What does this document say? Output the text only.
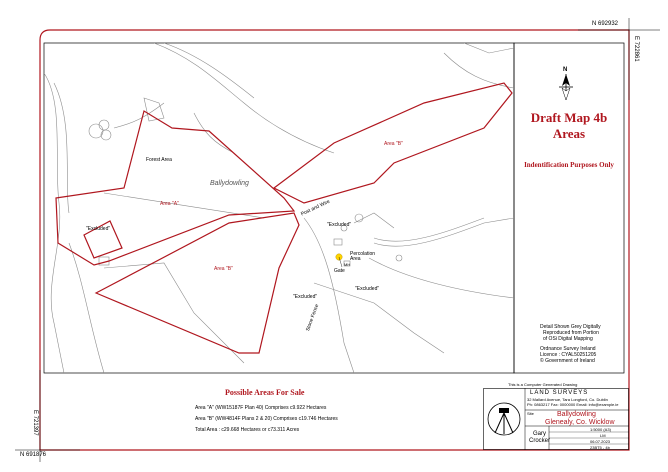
N 692932
N 691876
E 722861
E 721397
Ballydowling
Forest Area
Area "A"
Area "B"
Area "B"
"Excluded"
"Excluded"
"Excluded"
"Excluded"
Post and Wire
Percolation Area
Gate
MH
Stone Fence
N
Draft Map 4b
Areas
Indentification Purposes Only
Detail Shown Grey Digitally
Reproduced from Portion
of OSi Digital Mapping
Ordnance Survey Ireland
Licence : CYAL50251205
© Government of Ireland
Possible Areas For Sale
Area "A" (WW15187F Plan 40) Comprises c9.922 Hectares
Area "B" (WW4814F Plans 2 & 20) Comprises c19.746 Hectares
Total Area : c29.668 Hectares or c73.311 Acres
This is a Computer Generated Drawing
LAND SURVEYS
32 Mallard Avenue, Tara Longford, Co. Dublin
Ph: 0863217 Fax: 0000000 Email: info@example.ie
Site	Ballydowling
Glenealy, Co. Wicklow
Gary
Crocker
1:5000 (A3)
LM
06.07.2023
23BT5 - 4b
